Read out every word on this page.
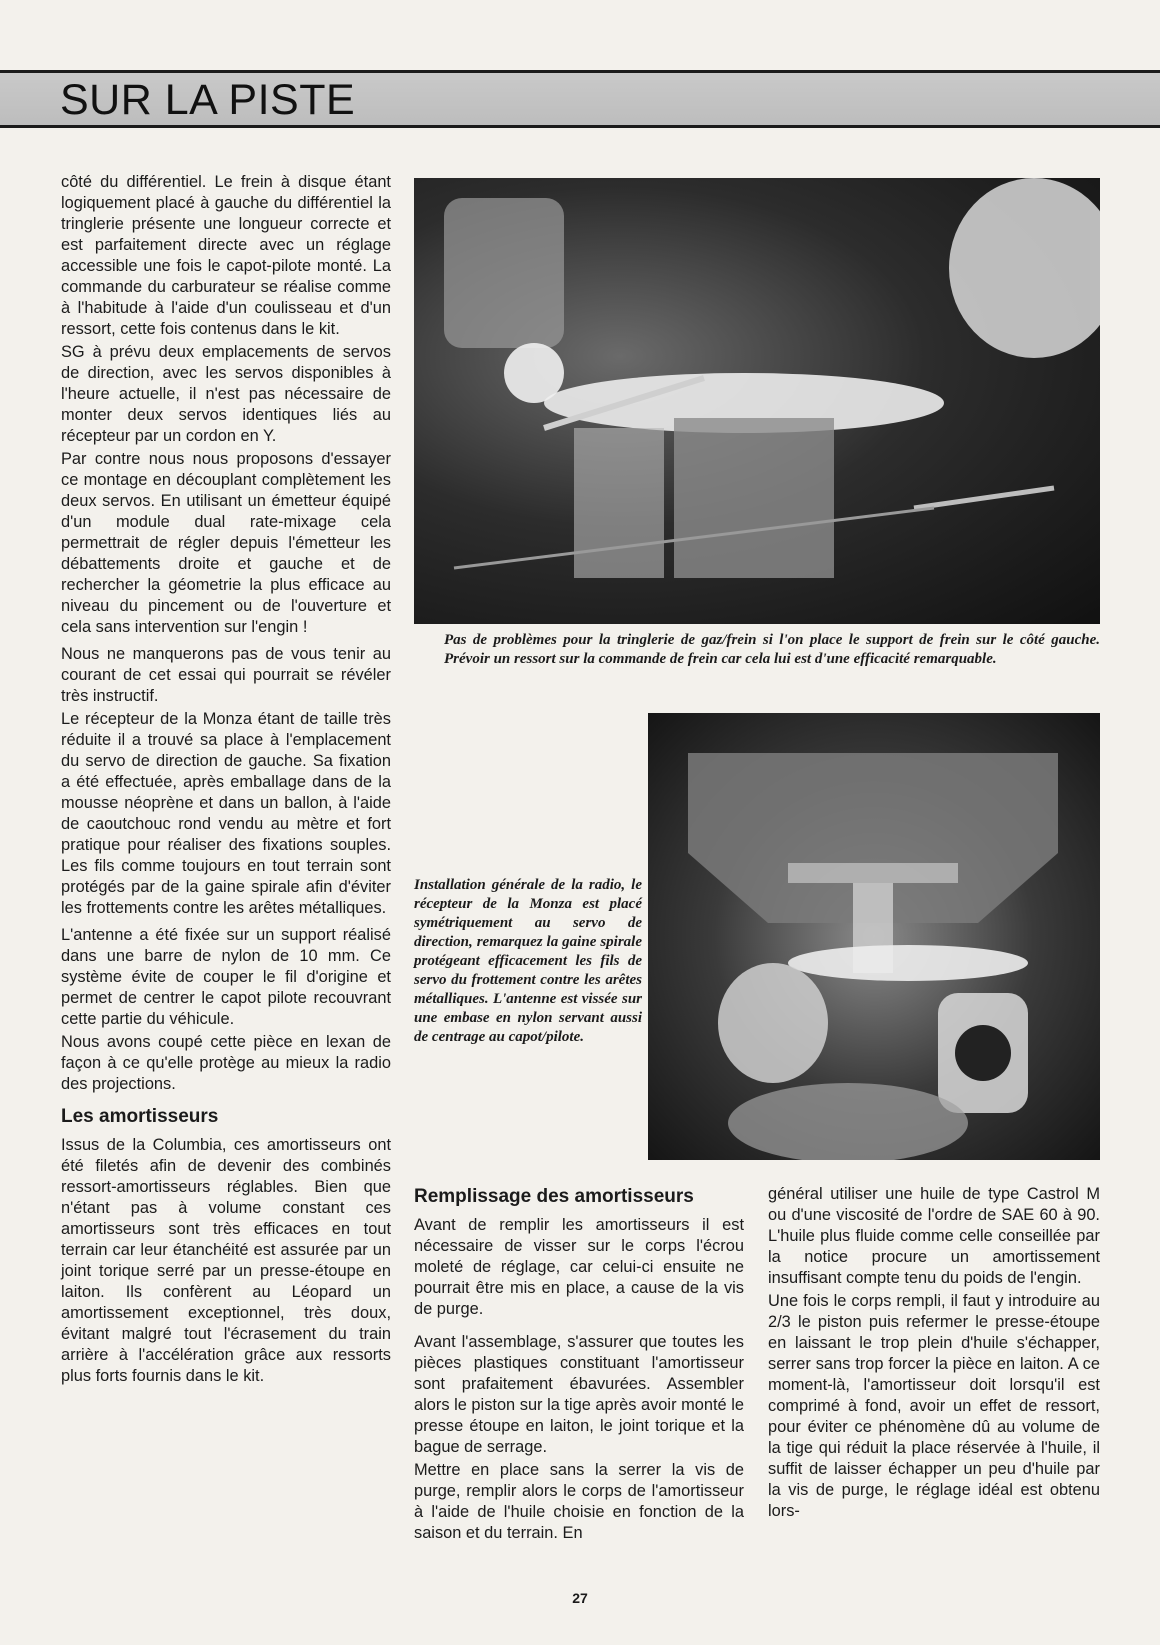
SUR LA PISTE

côté du différentiel. Le frein à disque étant logiquement placé à gauche du différentiel la tringlerie présente une longueur correcte et est parfaitement directe avec un réglage accessible une fois le capot-pilote monté. La commande du carburateur se réalise comme à l'habitude à l'aide d'un coulisseau et d'un ressort, cette fois contenus dans le kit.

SG à prévu deux emplacements de servos de direction, avec les servos disponibles à l'heure actuelle, il n'est pas nécessaire de monter deux servos identiques liés au récepteur par un cordon en Y.

Par contre nous nous proposons d'essayer ce montage en découplant complètement les deux servos. En utilisant un émetteur équipé d'un module dual rate-mixage cela permettrait de régler depuis l'émetteur les débattements droite et gauche et de rechercher la géometrie la plus efficace au niveau du pincement ou de l'ouverture et cela sans intervention sur l'engin !

Nous ne manquerons pas de vous tenir au courant de cet essai qui pourrait se révéler très instructif.

Le récepteur de la Monza étant de taille très réduite il a trouvé sa place à l'emplacement du servo de direction de gauche. Sa fixation a été effectuée, après emballage dans de la mousse néoprène et dans un ballon, à l'aide de caoutchouc rond vendu au mètre et fort pratique pour réaliser des fixations souples. Les fils comme toujours en tout terrain sont protégés par de la gaine spirale afin d'éviter les frottements contre les arêtes métalliques.

L'antenne a été fixée sur un support réalisé dans une barre de nylon de 10 mm. Ce système évite de couper le fil d'origine et permet de centrer le capot pilote recouvrant cette partie du véhicule.

Nous avons coupé cette pièce en lexan de façon à ce qu'elle protège au mieux la radio des projections.

Les amortisseurs

Issus de la Columbia, ces amortisseurs ont été filetés afin de devenir des combinés ressort-amortisseurs réglables. Bien que n'étant pas à volume constant ces amortisseurs sont très efficaces en tout terrain car leur étanchéité est assurée par un joint torique serré par un presse-étoupe en laiton. Ils confèrent au Léopard un amortissement exceptionnel, très doux, évitant malgré tout l'écrasement du train arrière à l'accélération grâce aux ressorts plus forts fournis dans le kit.

Pas de problèmes pour la tringlerie de gaz/frein si l'on place le support de frein sur le côté gauche. Prévoir un ressort sur la commande de frein car cela lui est d'une efficacité remarquable.
Installation générale de la radio, le récepteur de la Monza est placé symétriquement au servo de direction, remarquez la gaine spirale protégeant efficacement les fils de servo du frottement contre les arêtes métalliques. L'antenne est vissée sur une embase en nylon servant aussi de centrage au capot/pilote.
Remplissage des amortisseurs

Avant de remplir les amortisseurs il est nécessaire de visser sur le corps l'écrou moleté de réglage, car celui-ci ensuite ne pourrait être mis en place, a cause de la vis de purge.

Avant l'assemblage, s'assurer que toutes les pièces plastiques constituant l'amortisseur sont prafaitement ébavurées. Assembler alors le piston sur la tige après avoir monté le presse étoupe en laiton, le joint torique et la bague de serrage.

Mettre en place sans la serrer la vis de purge, remplir alors le corps de l'amortisseur à l'aide de l'huile choisie en fonction de la saison et du terrain. En

général utiliser une huile de type Castrol M ou d'une viscosité de l'ordre de SAE 60 à 90. L'huile plus fluide comme celle conseillée par la notice procure un amortissement insuffisant compte tenu du poids de l'engin.

Une fois le corps rempli, il faut y introduire au 2/3 le piston puis refermer le presse-étoupe en laissant le trop plein d'huile s'échapper, serrer sans trop forcer la pièce en laiton. A ce moment-là, l'amortisseur doit lorsqu'il est comprimé à fond, avoir un effet de ressort, pour éviter ce phénomène dû au volume de la tige qui réduit la place réservée à l'huile, il suffit de laisser échapper un peu d'huile par la vis de purge, le réglage idéal est obtenu lors-

27
